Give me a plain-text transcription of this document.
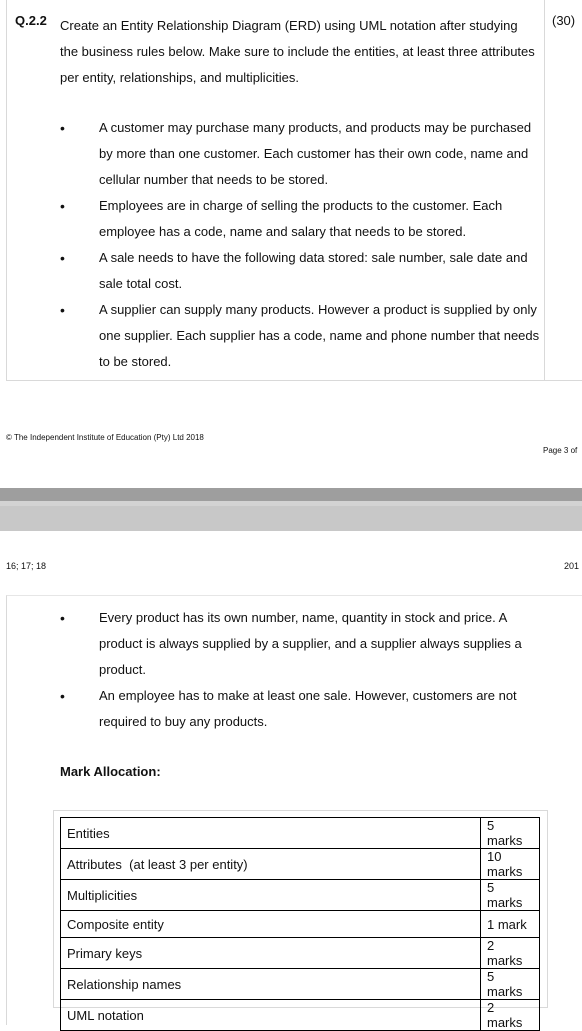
Q.2.2	(30)
Create an Entity Relationship Diagram (ERD) using UML notation after studying the business rules below. Make sure to include the entities, at least three attributes per entity, relationships, and multiplicities.

•	A customer may purchase many products, and products may be purchased by more than one customer. Each customer has their own code, name and cellular number that needs to be stored.

•	Employees are in charge of selling the products to the customer. Each employee has a code, name and salary that needs to be stored.

•	A sale needs to have the following data stored: sale number, sale date and sale total cost.

•	A supplier can supply many products. However a product is supplied by only one supplier. Each supplier has a code, name and phone number that needs to be stored.

© The Independent Institute of Education (Pty) Ltd 2018
Page 3 of
16; 17; 18	201

•	Every product has its own number, name, quantity in stock and price. A product is always supplied by a supplier, and a supplier always supplies a product.

•	An employee has to make at least one sale. However, customers are not required to buy any products.

Mark Allocation:
Entities	5 marks
Attributes  (at least 3 per entity)	10 marks
Multiplicities	5 marks
Composite entity	1 mark
Primary keys	2 marks
Relationship names	5 marks
UML notation	2 marks
